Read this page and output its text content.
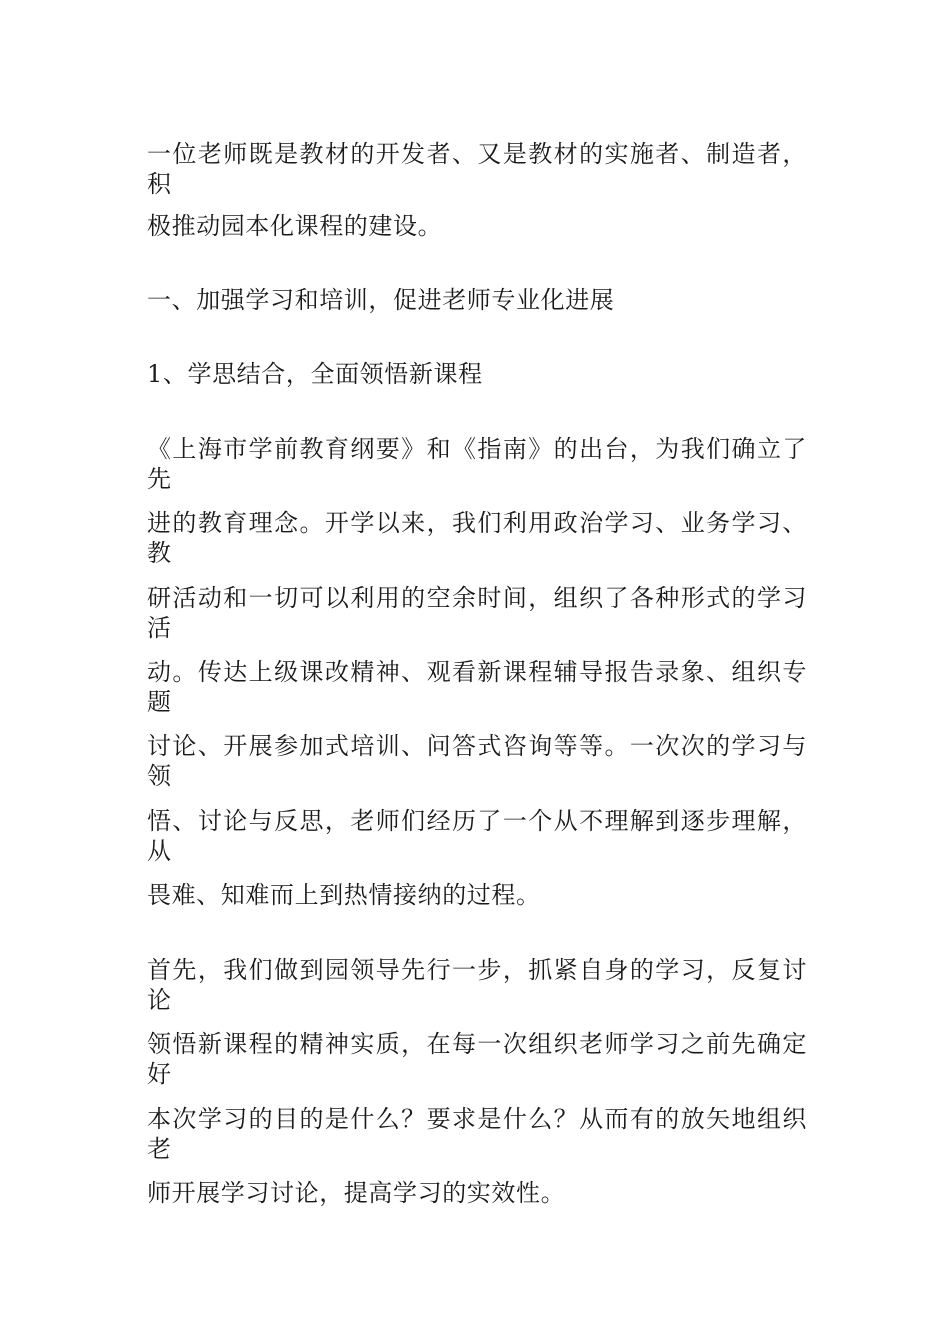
一位老师既是教材的开发者、又是教材的实施者、制造者，积
极推动园本化课程的建设。
一、加强学习和培训，促进老师专业化进展
1、学思结合，全面领悟新课程
《上海市学前教育纲要》和《指南》的出台，为我们确立了先
进的教育理念。开学以来，我们利用政治学习、业务学习、教
研活动和一切可以利用的空余时间，组织了各种形式的学习活
动。传达上级课改精神、观看新课程辅导报告录象、组织专题
讨论、开展参加式培训、问答式咨询等等。一次次的学习与领
悟、讨论与反思，老师们经历了一个从不理解到逐步理解，从
畏难、知难而上到热情接纳的过程。
首先，我们做到园领导先行一步，抓紧自身的学习，反复讨论
领悟新课程的精神实质，在每一次组织老师学习之前先确定好
本次学习的目的是什么？要求是什么？从而有的放矢地组织老
师开展学习讨论，提高学习的实效性。
